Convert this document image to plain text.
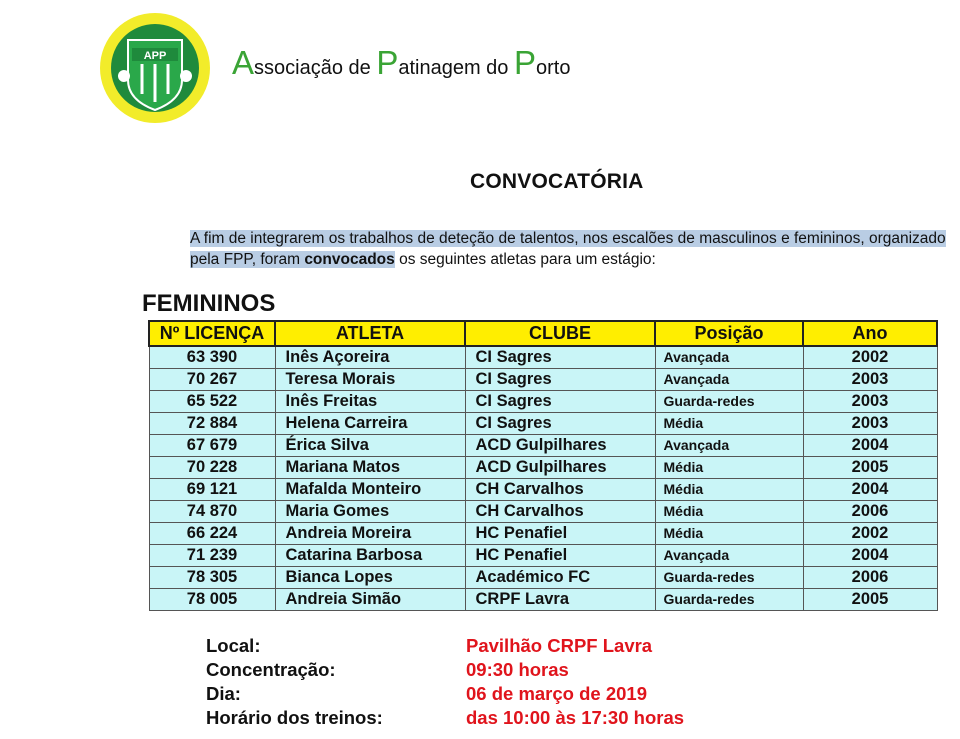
APP Associação de Patinagem do Porto
CONVOCATÓRIA
A fim de integrarem os trabalhos de deteção de talentos, nos escalões de masculinos e femininos, organizado pela FPP, foram convocados os seguintes atletas para um estágio:
FEMININOS
Nº LICENÇA	ATLETA	CLUBE	Posição	Ano
63 390	Inês Açoreira	CI Sagres	Avançada	2002
70 267	Teresa Morais	CI Sagres	Avançada	2003
65 522	Inês Freitas	CI Sagres	Guarda-redes	2003
72 884	Helena Carreira	CI Sagres	Média	2003
67 679	Érica Silva	ACD Gulpilhares	Avançada	2004
70 228	Mariana Matos	ACD Gulpilhares	Média	2005
69 121	Mafalda Monteiro	CH Carvalhos	Média	2004
74 870	Maria Gomes	CH Carvalhos	Média	2006
66 224	Andreia Moreira	HC Penafiel	Média	2002
71 239	Catarina Barbosa	HC Penafiel	Avançada	2004
78 305	Bianca Lopes	Académico FC	Guarda-redes	2006
78 005	Andreia Simão	CRPF Lavra	Guarda-redes	2005
Local:	Pavilhão CRPF Lavra
Concentração:	09:30 horas
Dia:	06 de março de 2019
Horário dos treinos:	das 10:00 às 17:30 horas
